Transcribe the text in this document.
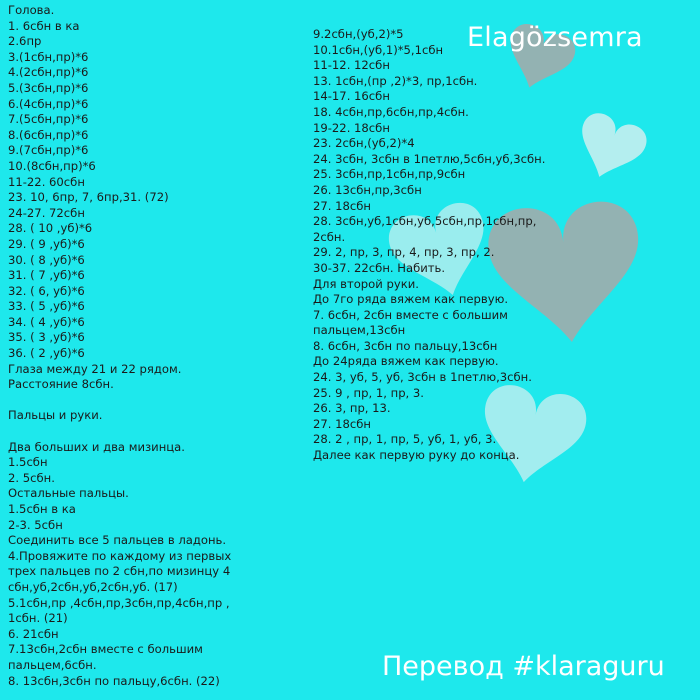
Elagözsemra
Голова.
1. 6сбн в ка
2.6пр
3.(1сбн,пр)*6
4.(2сбн,пр)*6
5.(3сбн,пр)*6
6.(4сбн,пр)*6
7.(5сбн,пр)*6
8.(6сбн,пр)*6
9.(7сбн,пр)*6
10.(8сбн,пр)*6
11-22. 60сбн
23. 10, 6пр, 7, 6пр,31. (72)
24-27. 72сбн
28. ( 10 ,уб)*6
29. ( 9 ,уб)*6
30. ( 8 ,уб)*6
31. ( 7 ,уб)*6
32. ( 6, уб)*6
33. ( 5 ,уб)*6
34. ( 4 ,уб)*6
35. ( 3 ,уб)*6
36. ( 2 ,уб)*6
Глаза между 21 и 22 рядом.
Расстояние 8сбн.
Пальцы и руки.
Два больших и два мизинца.
1.5сбн
2. 5сбн.
Остальные пальцы.
1.5сбн в ка
2-3. 5сбн
Соединить все 5 пальцев в ладонь.
4.Провяжите по каждому из первых
трех пальцев по 2 сбн,по мизинцу 4
сбн,уб,2сбн,уб,2сбн,уб. (17)
5.1сбн,пр ,4сбн,пр,3сбн,пр,4сбн,пр ,
1сбн. (21)
6. 21сбн
7.13сбн,2сбн вместе с большим
пальцем,6сбн.
8. 13сбн,3сбн по пальцу,6сбн. (22)
9.2сбн,(уб,2)*5
10.1сбн,(уб,1)*5,1сбн
11-12. 12сбн
13. 1сбн,(пр ,2)*3, пр,1сбн.
14-17. 16сбн
18. 4сбн,пр,6сбн,пр,4сбн.
19-22. 18сбн
23. 2сбн,(уб,2)*4
24. 3сбн, 3сбн в 1петлю,5сбн,уб,3сбн.
25. 3сбн,пр,1сбн,пр,9сбн
26. 13сбн,пр,3сбн
27. 18сбн
28. 3сбн,уб,1сбн,уб,5сбн,пр,1сбн,пр,
2сбн.
29. 2, пр, 3, пр, 4, пр, 3, пр, 2.
30-37. 22сбн. Набить.
Для второй руки.
До 7го ряда вяжем как первую.
7. 6сбн, 2сбн вместе с большим
пальцем,13сбн
8. 6сбн, 3сбн по пальцу,13сбн
До 24ряда вяжем как первую.
24. 3, уб, 5, уб, 3сбн в 1петлю,3сбн.
25. 9 , пр, 1, пр, 3.
26. 3, пр, 13.
27. 18сбн
28. 2 , пр, 1, пр, 5, уб, 1, уб, 3.
Далее как первую руку до конца.
Перевод #klaraguru
